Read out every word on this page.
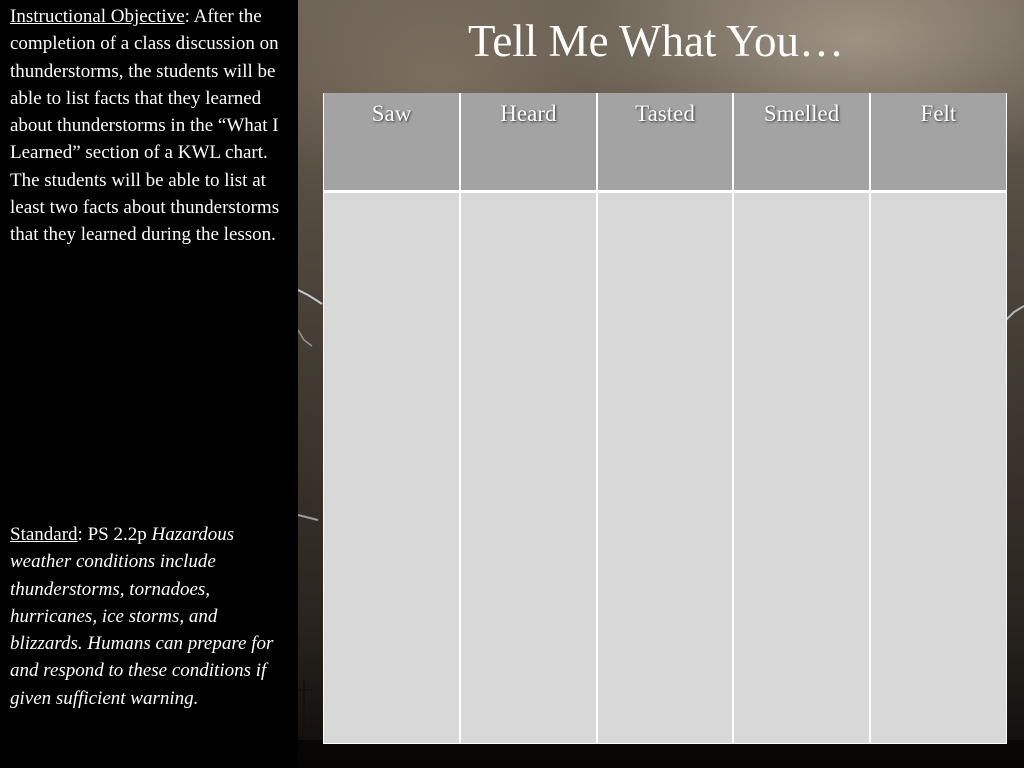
Instructional Objective: After the completion of a class discussion on thunderstorms, the students will be able to list facts that they learned about thunderstorms in the “What I Learned” section of a KWL chart. The students will be able to list at least two facts about thunderstorms that they learned during the lesson.
Standard: PS 2.2p Hazardous weather conditions include thunderstorms, tornadoes, hurricanes, ice storms, and blizzards. Humans can prepare for and respond to these conditions if given sufficient warning.
Tell Me What You…
Saw	Heard	Tasted	Smelled	Felt
